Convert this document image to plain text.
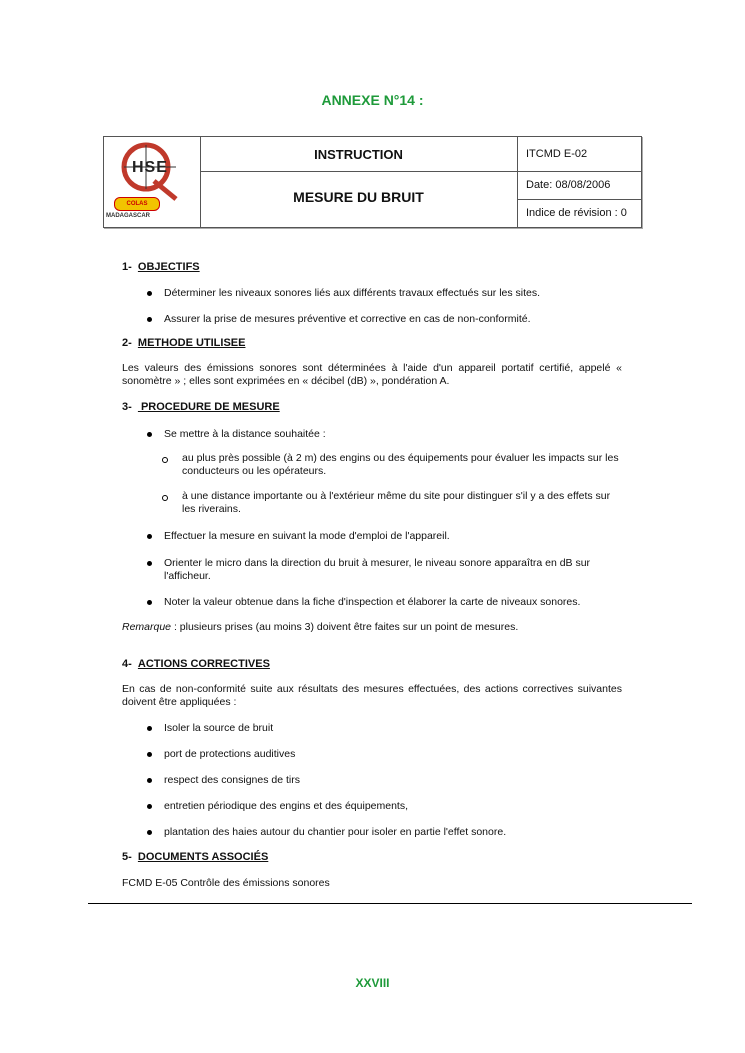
ANNEXE N°14 :
HSE
COLAS
MADAGASCAR
INSTRUCTION
MESURE DU BRUIT
ITCMD E-02
Date: 08/08/2006
Indice de révision : 0
1- OBJECTIFS
Déterminer les niveaux sonores liés aux différents travaux effectués sur les sites.
Assurer la prise de mesures préventive et corrective en cas de non-conformité.
2- METHODE UTILISEE
Les valeurs des émissions sonores sont déterminées à l'aide d'un appareil portatif certifié, appelé « sonomètre » ; elles sont exprimées en « décibel (dB) », pondération A.
3-   PROCEDURE DE MESURE
Se mettre à la distance souhaitée :
au plus près possible (à 2 m) des engins ou des équipements pour évaluer les impacts sur les conducteurs ou les opérateurs.
à une distance importante ou à l'extérieur même du site pour distinguer s'il y a des effets sur les riverains.
Effectuer la mesure en suivant la mode d'emploi de l'appareil.
Orienter le micro dans la direction du bruit à mesurer, le niveau sonore apparaîtra en dB sur l'afficheur.
Noter la valeur obtenue dans la fiche d'inspection et élaborer la carte de niveaux sonores.
Remarque : plusieurs prises (au moins 3) doivent être faites sur un point de mesures.
4- ACTIONS CORRECTIVES
En cas de non-conformité suite aux résultats des mesures effectuées, des actions correctives suivantes doivent être appliquées :
Isoler la source de bruit
port de protections auditives
respect des consignes de tirs
entretien périodique des engins et des équipements,
plantation des haies autour du chantier pour isoler en partie l'effet sonore.
5- DOCUMENTS ASSOCIÉS
FCMD E-05 Contrôle des émissions sonores
XXVIII
